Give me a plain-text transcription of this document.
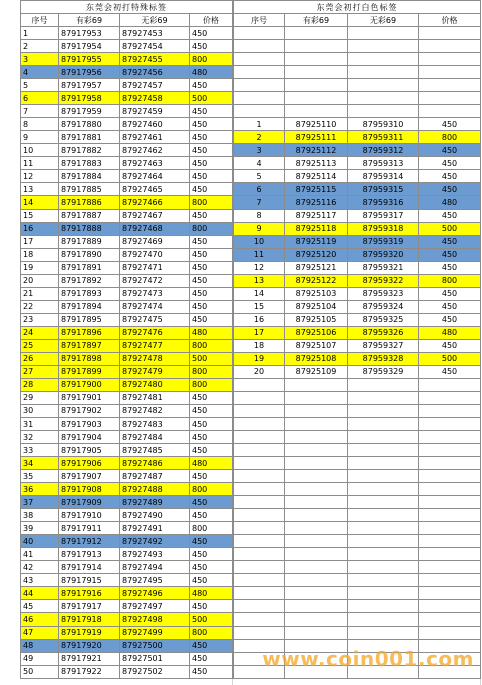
东莞会初打特殊标签			
序号	有彩69	无彩69	价格
1	87917953	87927453	450
2	87917954	87927454	450
3	87917955	87927455	800
4	87917956	87927456	480
5	87917957	87927457	450
6	87917958	87927458	500
7	87917959	87927459	450
8	87917880	87927460	450
9	87917881	87927461	450
10	87917882	87927462	450
11	87917883	87927463	450
12	87917884	87927464	450
13	87917885	87927465	450
14	87917886	87927466	800
15	87917887	87927467	450
16	87917888	87927468	800
17	87917889	87927469	450
18	87917890	87927470	450
19	87917891	87927471	450
20	87917892	87927472	450
21	87917893	87927473	450
22	87917894	87927474	450
23	87917895	87927475	450
24	87917896	87927476	480
25	87917897	87927477	800
26	87917898	87927478	500
27	87917899	87927479	800
28	87917900	87927480	800
29	87917901	87927481	450
30	87917902	87927482	450
31	87917903	87927483	450
32	87917904	87927484	450
33	87917905	87927485	450
34	87917906	87927486	480
35	87917907	87927487	450
36	87917908	87927488	800
37	87917909	87927489	450
38	87917910	87927490	450
39	87917911	87927491	800
40	87917912	87927492	450
41	87917913	87927493	450
42	87917914	87927494	450
43	87917915	87927495	450
44	87917916	87927496	480
45	87917917	87927497	450
46	87917918	87927498	500
47	87917919	87927499	800
48	87917920	87927500	450
49	87917921	87927501	450
50	87917922	87927502	450
东莞会初打白色标签			
序号	有彩69	无彩69	价格

1	87925110	87959310	450
2	87925111	87959311	800
3	87925112	87959312	450
4	87925113	87959313	450
5	87925114	87959314	450
6	87925115	87959315	450
7	87925116	87959316	480
8	87925117	87959317	450
9	87925118	87959318	500
10	87925119	87959319	450
11	87925120	87959320	450
12	87925121	87959321	450
13	87925122	87959322	800
14	87925103	87959323	450
15	87925104	87959324	450
16	87925105	87959325	450
17	87925106	87959326	480
18	87925107	87959327	450
19	87925108	87959328	500
20	87925109	87959329	450

www.coin001.com
